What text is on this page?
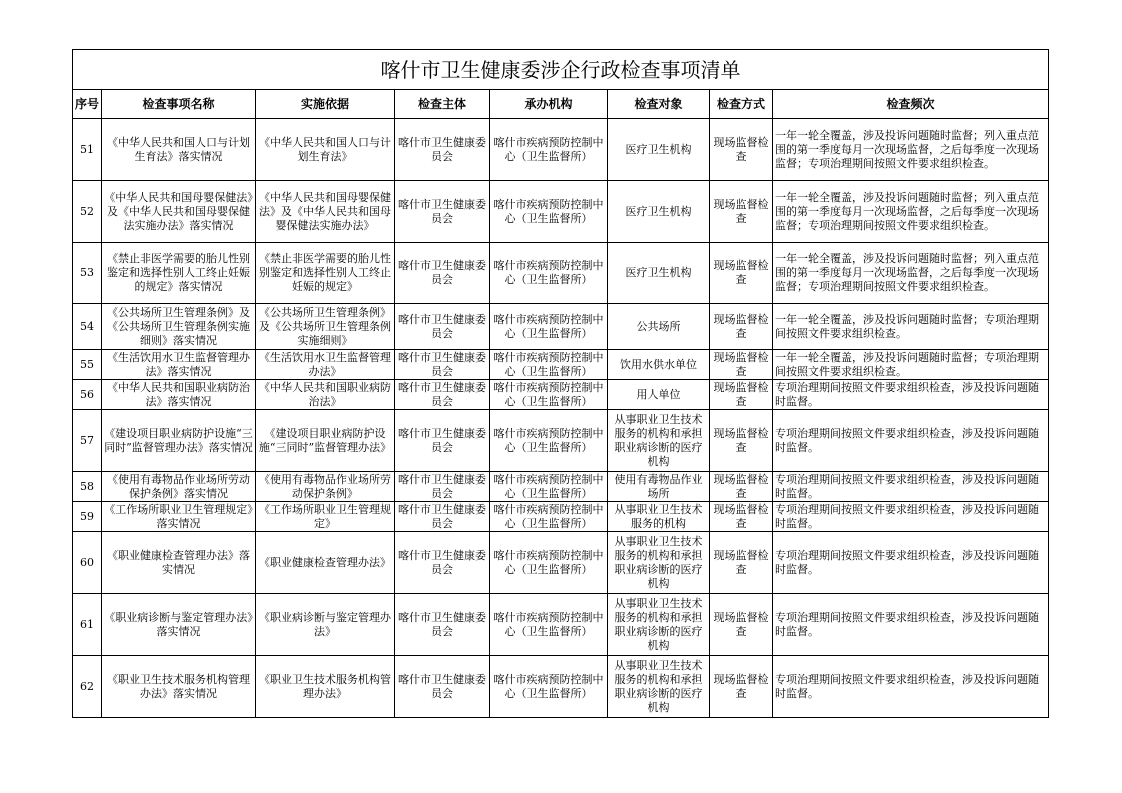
喀什市卫生健康委涉企行政检查事项清单							
序号	检查事项名称	实施依据	检查主体	承办机构	检查对象	检查方式	检查频次
51	《中华人民共和国人口与计划生育法》落实情况	《中华人民共和国人口与计划生育法》	喀什市卫生健康委员会	喀什市疾病预防控制中心（卫生监督所）	医疗卫生机构	现场监督检查	一年一轮全覆盖，涉及投诉问题随时监督；列入重点范围的第一季度每月一次现场监督，之后每季度一次现场监督；专项治理期间按照文件要求组织检查。
52	《中华人民共和国母婴保健法》及《中华人民共和国母婴保健法实施办法》落实情况	《中华人民共和国母婴保健法》及《中华人民共和国母婴保健法实施办法》	喀什市卫生健康委员会	喀什市疾病预防控制中心（卫生监督所）	医疗卫生机构	现场监督检查	一年一轮全覆盖，涉及投诉问题随时监督；列入重点范围的第一季度每月一次现场监督，之后每季度一次现场监督；专项治理期间按照文件要求组织检查。
53	《禁止非医学需要的胎儿性别鉴定和选择性别人工终止妊娠的规定》落实情况	《禁止非医学需要的胎儿性别鉴定和选择性别人工终止妊娠的规定》	喀什市卫生健康委员会	喀什市疾病预防控制中心（卫生监督所）	医疗卫生机构	现场监督检查	一年一轮全覆盖，涉及投诉问题随时监督；列入重点范围的第一季度每月一次现场监督，之后每季度一次现场监督；专项治理期间按照文件要求组织检查。
54	《公共场所卫生管理条例》及《公共场所卫生管理条例实施细则》落实情况	《公共场所卫生管理条例》及《公共场所卫生管理条例实施细则》	喀什市卫生健康委员会	喀什市疾病预防控制中心（卫生监督所）	公共场所	现场监督检查	一年一轮全覆盖，涉及投诉问题随时监督；专项治理期间按照文件要求组织检查。
55	《生活饮用水卫生监督管理办法》落实情况	《生活饮用水卫生监督管理办法》	喀什市卫生健康委员会	喀什市疾病预防控制中心（卫生监督所）	饮用水供水单位	现场监督检查	一年一轮全覆盖，涉及投诉问题随时监督；专项治理期间按照文件要求组织检查。
56	《中华人民共和国职业病防治法》落实情况	《中华人民共和国职业病防治法》	喀什市卫生健康委员会	喀什市疾病预防控制中心（卫生监督所）	用人单位	现场监督检查	专项治理期间按照文件要求组织检查，涉及投诉问题随时监督。
57	《建设项目职业病防护设施“三同时”监督管理办法》落实情况	《建设项目职业病防护设施“三同时”监督管理办法》	喀什市卫生健康委员会	喀什市疾病预防控制中心（卫生监督所）	从事职业卫生技术服务的机构和承担职业病诊断的医疗机构	现场监督检查	专项治理期间按照文件要求组织检查，涉及投诉问题随时监督。
58	《使用有毒物品作业场所劳动保护条例》落实情况	《使用有毒物品作业场所劳动保护条例》	喀什市卫生健康委员会	喀什市疾病预防控制中心（卫生监督所）	使用有毒物品作业场所	现场监督检查	专项治理期间按照文件要求组织检查，涉及投诉问题随时监督。
59	《工作场所职业卫生管理规定》落实情况	《工作场所职业卫生管理规定》	喀什市卫生健康委员会	喀什市疾病预防控制中心（卫生监督所）	从事职业卫生技术服务的机构	现场监督检查	专项治理期间按照文件要求组织检查，涉及投诉问题随时监督。
60	《职业健康检查管理办法》落实情况	《职业健康检查管理办法》	喀什市卫生健康委员会	喀什市疾病预防控制中心（卫生监督所）	从事职业卫生技术服务的机构和承担职业病诊断的医疗机构	现场监督检查	专项治理期间按照文件要求组织检查，涉及投诉问题随时监督。
61	《职业病诊断与鉴定管理办法》落实情况	《职业病诊断与鉴定管理办法》	喀什市卫生健康委员会	喀什市疾病预防控制中心（卫生监督所）	从事职业卫生技术服务的机构和承担职业病诊断的医疗机构	现场监督检查	专项治理期间按照文件要求组织检查，涉及投诉问题随时监督。
62	《职业卫生技术服务机构管理办法》落实情况	《职业卫生技术服务机构管理办法》	喀什市卫生健康委员会	喀什市疾病预防控制中心（卫生监督所）	从事职业卫生技术服务的机构和承担职业病诊断的医疗机构	现场监督检查	专项治理期间按照文件要求组织检查，涉及投诉问题随时监督。
